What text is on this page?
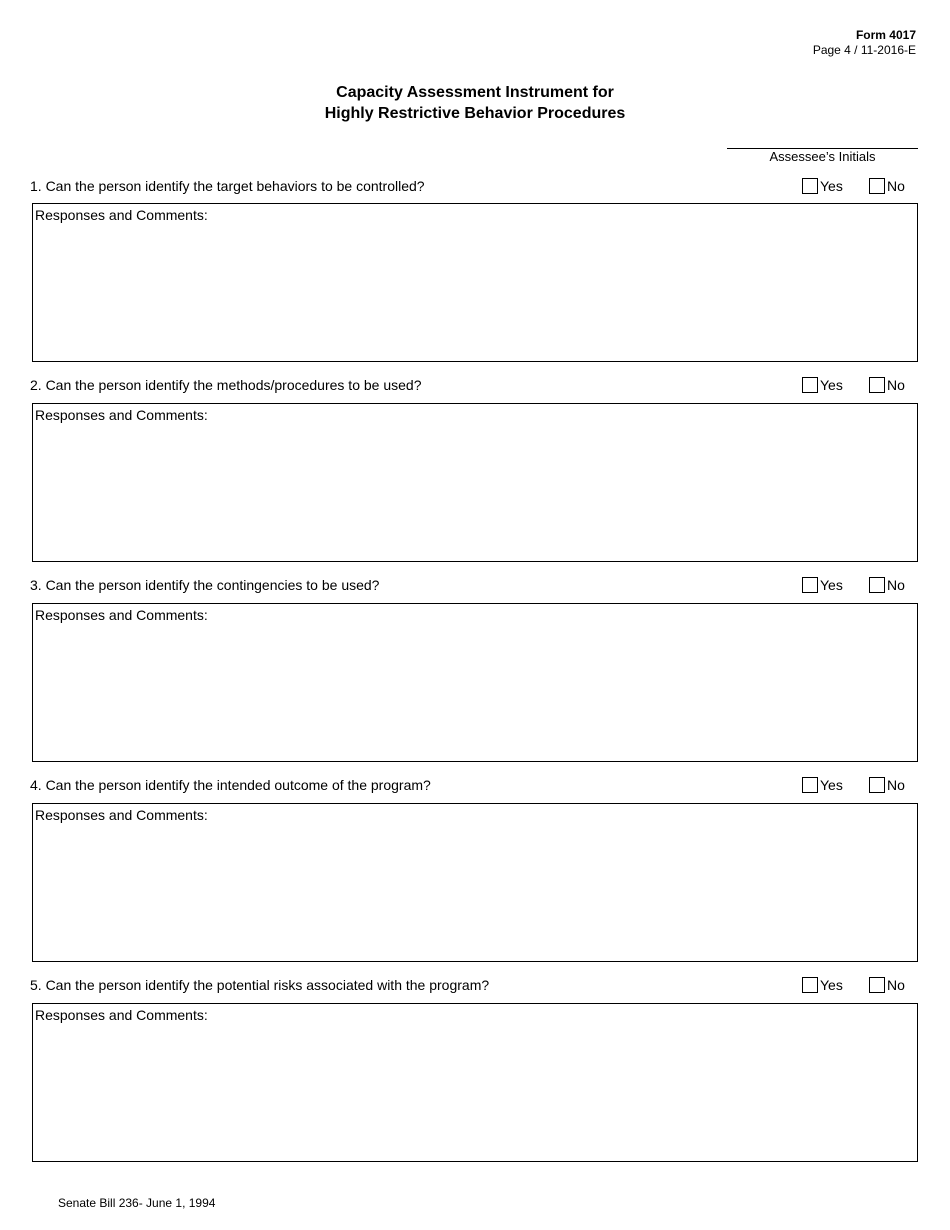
Form 4017
Page 4 / 11-2016-E
Capacity Assessment Instrument for
Highly Restrictive Behavior Procedures
Assessee’s Initials
1. Can the person identify the target behaviors to be controlled?	Yes	No
Responses and Comments:
2. Can the person identify the methods/procedures to be used?	Yes	No
Responses and Comments:
3. Can the person identify the contingencies to be used?	Yes	No
Responses and Comments:
4. Can the person identify the intended outcome of the program?	Yes	No
Responses and Comments:
5. Can the person identify the potential risks associated with the program?	Yes	No
Responses and Comments:
Senate Bill 236- June 1, 1994
